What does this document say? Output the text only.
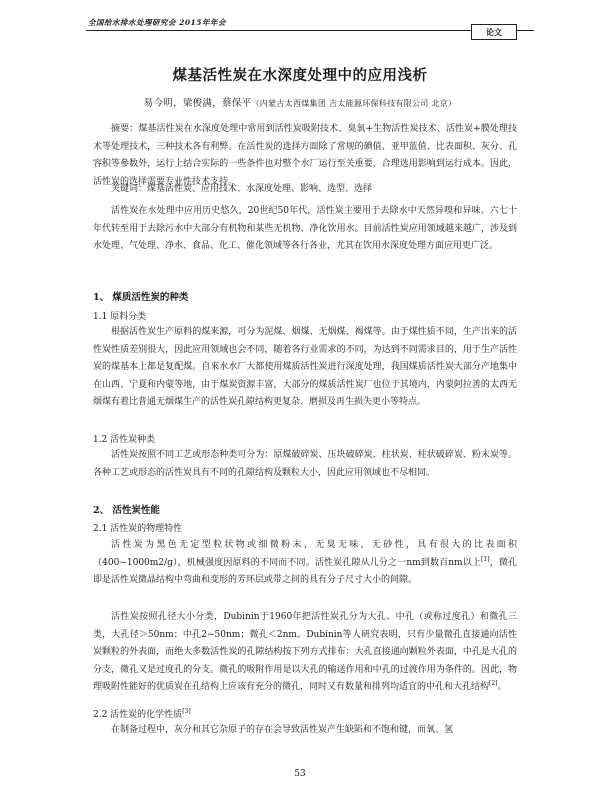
全国给水排水处理研究会 2015年年会
论文
煤基活性炭在水深度处理中的应用浅析
易今明，梁俊满，蔡保平（内蒙古太西煤集团 吉太能源环保科技有限公司 北京）
摘要：煤基活性炭在水深度处理中常用到活性炭吸附技术、臭氧+生物活性炭技术、活性炭+膜处理技术等处理技术，三种技术各有利弊。在活性炭的选择方面除了常规的碘值、亚甲蓝值、比表面积、灰分、孔容积等參数外，运行上结合实际的一些条件也对整个水厂运行至关重要，合理选用影响到运行成本。因此，活性炭的选择需要专业性技术支持。
关键词：煤基活性炭、应用技术、水深度处理、影响、选型、选择
活性炭在水处理中应用历史悠久，20世纪50年代，活性炭主要用于去除水中天然异嗅和异味。六七十年代转至用于去除污水中大部分有机物和某些无机物、净化饮用水。目前活性炭应用领域越来越广，涉及到水处理、气处理、净水、食品、化工、催化领域等各行各业，尤其在饮用水深度处理方面应用更广泛。
1、 煤质活性炭的种类
1.1 原料分类
根据活性炭生产原料的煤来源，可分为泥煤、烟煤、无烟煤、褐煤等。由于煤性质不同，生产出来的活性炭性质差别很大，因此应用领域也会不同，随着各行业需求的不同，为达到不同需求目的，用于生产活性炭的煤基本上都是复配煤。自來水水厂大都使用煤质活性炭进行深度处理，我国煤质活性炭大部分产地集中在山西、宁夏和内蒙等地，由于煤炭资源丰富，大部分的煤质活性炭厂也位于其境内，内蒙阿拉善的太西无烟煤有着比普通无烟煤生产的活性炭孔隙结构更复杂、磨损及再生损失更小等特点。
1.2 活性炭种类
活性炭按照不同工艺或形态种类可分为：原煤破碎炭、压块破碎炭、柱状炭、柱状破碎炭、粉末炭等。各种工艺或形态的活性炭具有不同的孔隙结构及颗粒大小，因此应用领域也不尽相同。
2、 活性炭性能
2.1 活性炭的物理特性
活性炭为黑色无定型粒状物或细微粉末，无臭无味，无砂性，具有很大的比表面积（400~1000m2/g），机械强度因原料的不同而不同。活性炭孔隙从几分之一nm到数百nm以上[1]，微孔即是活性炭微晶结构中弯曲和变形的芳环层或带之间的具有分子尺寸大小的间隙。
活性炭按照孔径大小分类，Dubinin于1960年把活性炭孔分为大孔、中孔（或称过度孔）和微孔三类，大孔径＞50nm；中孔2~50nm；微孔＜2nm。Dubinin等人研究表明，只有少量微孔直接通向活性炭颗粒的外表面，而绝大多数活性炭的孔隙结构按下列方式排布：大孔直接通向颗粒外表面，中孔是大孔的分支，微孔又是过度孔的分支。微孔的吸附作用是以大孔的输送作用和中孔的过渡作用为条件的。因此，物理吸附性能好的优质炭在孔结构上应该有充分的微孔，同时又有数量和排列均适宜的中孔和大孔结构[2]。
2.2 活性炭的化学性质[3]
在制备过程中，灰分和其它杂原子的存在会导致活性炭产生缺陷和不饱和键，而氧、氢
53
